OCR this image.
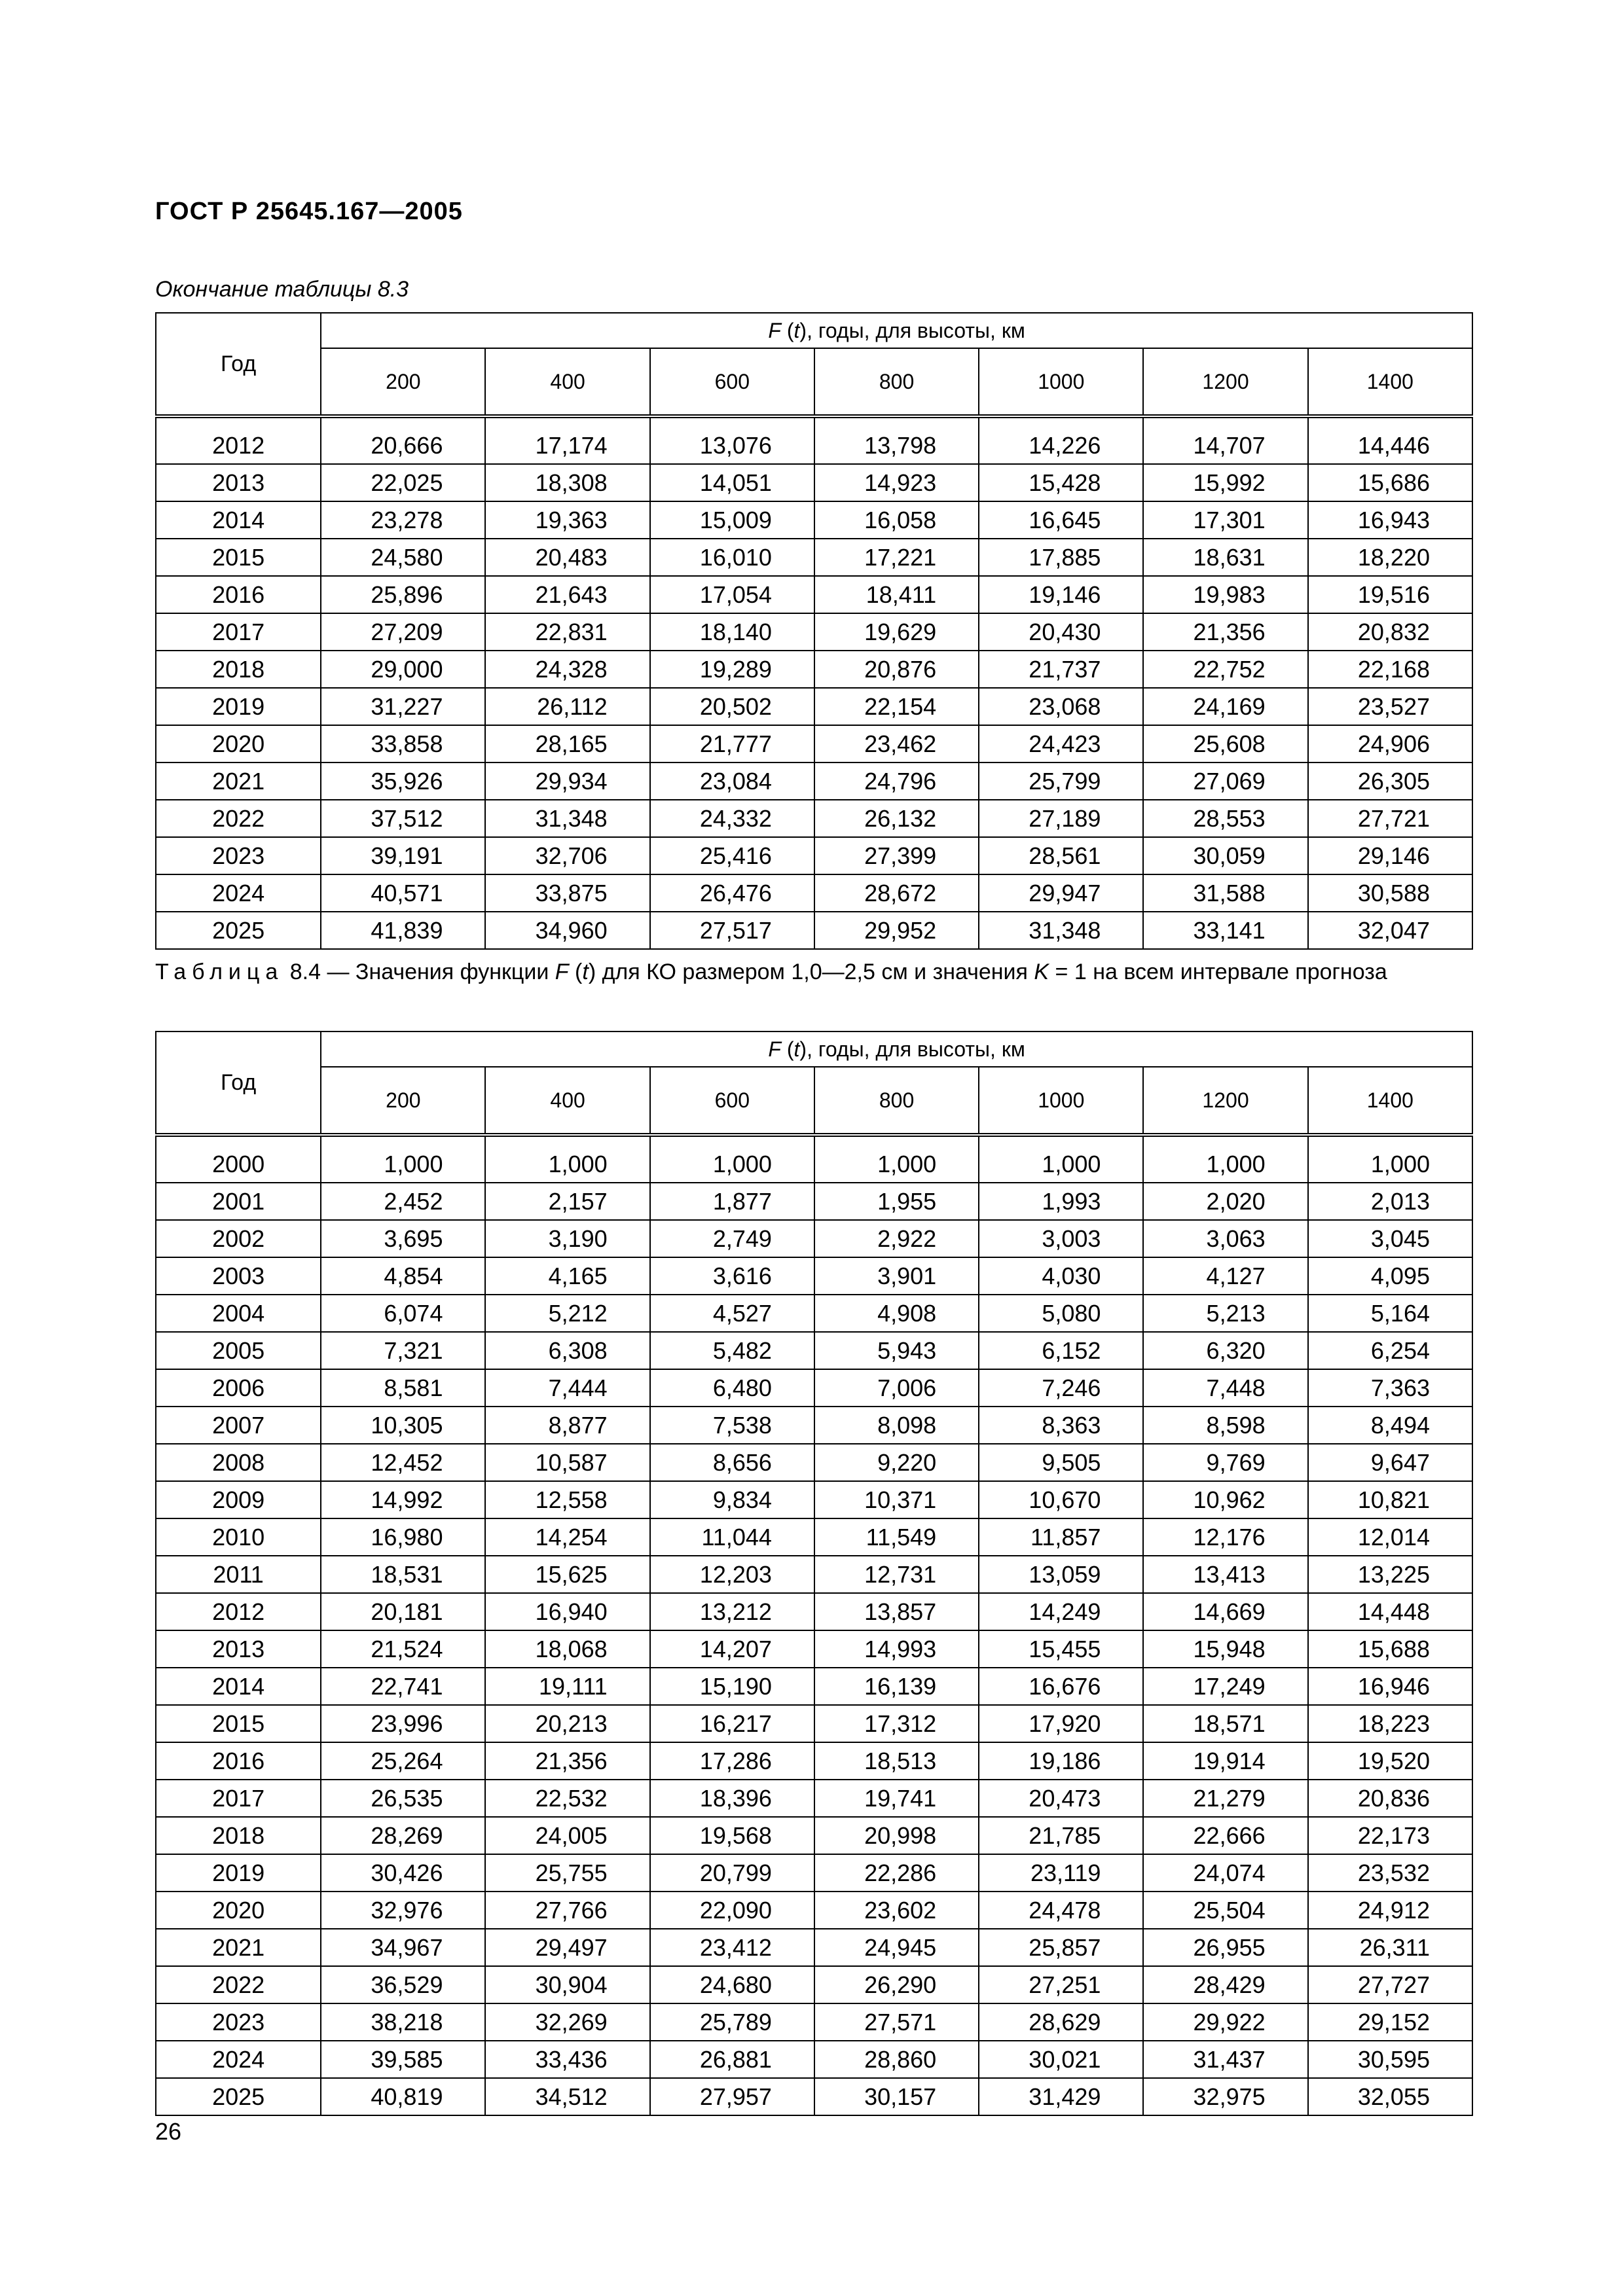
ГОСТ Р 25645.167—2005
Окончание таблицы 8.3
Год	F (t), годы, для высоты, км						
	200	400	600	800	1000	1200	1400
2012	20,666	17,174	13,076	13,798	14,226	14,707	14,446
2013	22,025	18,308	14,051	14,923	15,428	15,992	15,686
2014	23,278	19,363	15,009	16,058	16,645	17,301	16,943
2015	24,580	20,483	16,010	17,221	17,885	18,631	18,220
2016	25,896	21,643	17,054	18,411	19,146	19,983	19,516
2017	27,209	22,831	18,140	19,629	20,430	21,356	20,832
2018	29,000	24,328	19,289	20,876	21,737	22,752	22,168
2019	31,227	26,112	20,502	22,154	23,068	24,169	23,527
2020	33,858	28,165	21,777	23,462	24,423	25,608	24,906
2021	35,926	29,934	23,084	24,796	25,799	27,069	26,305
2022	37,512	31,348	24,332	26,132	27,189	28,553	27,721
2023	39,191	32,706	25,416	27,399	28,561	30,059	29,146
2024	40,571	33,875	26,476	28,672	29,947	31,588	30,588
2025	41,839	34,960	27,517	29,952	31,348	33,141	32,047
Таблица 8.4 — Значения функции F (t) для КО размером 1,0—2,5 см и значения K = 1 на всем интервале прогноза
Год	F (t), годы, для высоты, км						
	200	400	600	800	1000	1200	1400
2000	1,000	1,000	1,000	1,000	1,000	1,000	1,000
2001	2,452	2,157	1,877	1,955	1,993	2,020	2,013
2002	3,695	3,190	2,749	2,922	3,003	3,063	3,045
2003	4,854	4,165	3,616	3,901	4,030	4,127	4,095
2004	6,074	5,212	4,527	4,908	5,080	5,213	5,164
2005	7,321	6,308	5,482	5,943	6,152	6,320	6,254
2006	8,581	7,444	6,480	7,006	7,246	7,448	7,363
2007	10,305	8,877	7,538	8,098	8,363	8,598	8,494
2008	12,452	10,587	8,656	9,220	9,505	9,769	9,647
2009	14,992	12,558	9,834	10,371	10,670	10,962	10,821
2010	16,980	14,254	11,044	11,549	11,857	12,176	12,014
2011	18,531	15,625	12,203	12,731	13,059	13,413	13,225
2012	20,181	16,940	13,212	13,857	14,249	14,669	14,448
2013	21,524	18,068	14,207	14,993	15,455	15,948	15,688
2014	22,741	19,111	15,190	16,139	16,676	17,249	16,946
2015	23,996	20,213	16,217	17,312	17,920	18,571	18,223
2016	25,264	21,356	17,286	18,513	19,186	19,914	19,520
2017	26,535	22,532	18,396	19,741	20,473	21,279	20,836
2018	28,269	24,005	19,568	20,998	21,785	22,666	22,173
2019	30,426	25,755	20,799	22,286	23,119	24,074	23,532
2020	32,976	27,766	22,090	23,602	24,478	25,504	24,912
2021	34,967	29,497	23,412	24,945	25,857	26,955	26,311
2022	36,529	30,904	24,680	26,290	27,251	28,429	27,727
2023	38,218	32,269	25,789	27,571	28,629	29,922	29,152
2024	39,585	33,436	26,881	28,860	30,021	31,437	30,595
2025	40,819	34,512	27,957	30,157	31,429	32,975	32,055
26
